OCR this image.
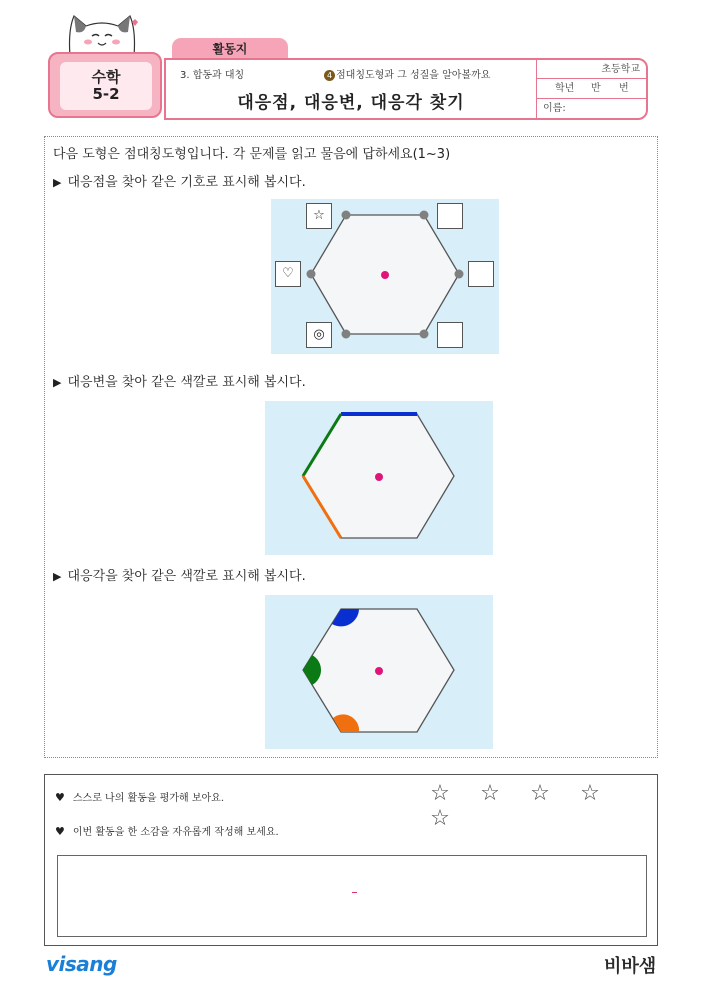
수학
5-2
활동지
3. 합동과 대칭	4 점대칭도형과 그 성질을 알아볼까요
대응점, 대응변, 대응각 찾기
초등학교
학년 반 번
이름:
다음 도형은 점대칭도형입니다. 각 문제를 읽고 물음에 답하세요(1~3)
▶ 대응점을 찾아 같은 기호로 표시해 봅시다.
☆
♡
◎
▶ 대응변을 찾아 같은 색깔로 표시해 봅시다.
▶ 대응각을 찾아 같은 색깔로 표시해 봅시다.
♥ 스스로 나의 활동을 평가해 보아요.	☆ ☆ ☆ ☆☆
♥ 이번 활동을 한 소감을 자유롭게 작성해 보세요.
visang	비바샘
